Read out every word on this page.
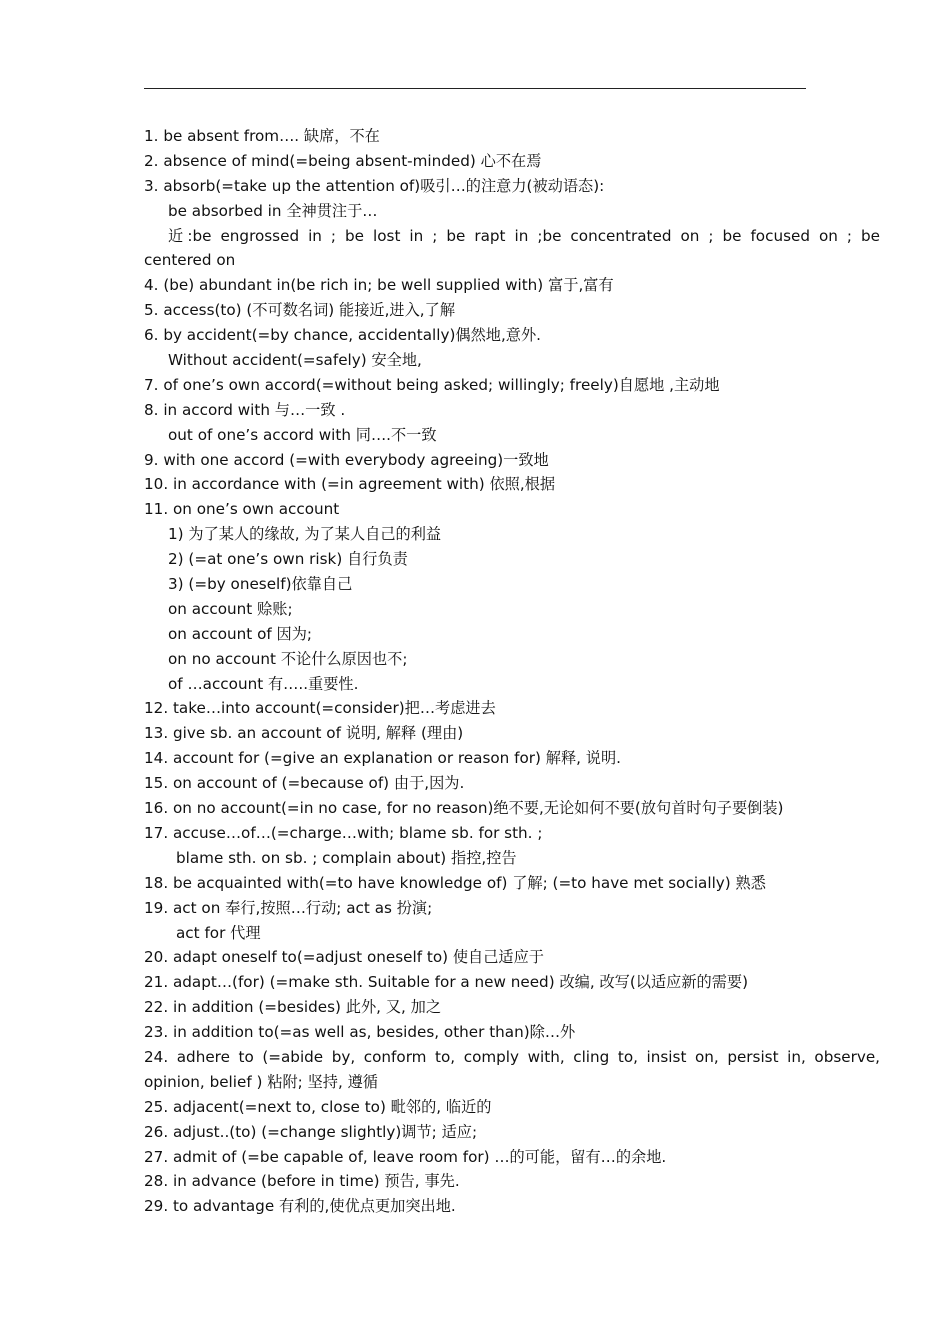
1. be absent from…. 缺席，不在
2. absence of mind(=being absent-minded) 心不在焉
3. absorb(=take up the attention of)吸引…的注意力(被动语态):
be absorbed in 全神贯注于…
近:be engrossed in ; be lost in ; be rapt in ;be concentrated on ; be focused on ; be
centered on
4. (be) abundant in(be rich in; be well supplied with) 富于,富有
5. access(to) (不可数名词) 能接近,进入,了解
6. by accident(=by chance, accidentally)偶然地,意外.
Without accident(=safely) 安全地,
7. of one’s own accord(=without being asked; willingly; freely)自愿地 ,主动地
8. in accord with 与…一致 .
out of one’s accord with 同….不一致
9. with one accord (=with everybody agreeing)一致地
10. in accordance with (=in agreement with) 依照,根据
11. on one’s own account
1) 为了某人的缘故, 为了某人自己的利益
2) (=at one’s own risk) 自行负责
3) (=by oneself)依靠自己
on account 赊账;
on account of 因为;
on no account 不论什么原因也不;
of …account 有…..重要性.
12. take…into account(=consider)把…考虑进去
13. give sb. an account of 说明, 解释 (理由)
14. account for (=give an explanation or reason for) 解释, 说明.
15. on account of (=because of) 由于,因为.
16. on no account(=in no case, for no reason)绝不要,无论如何不要(放句首时句子要倒装)
17. accuse…of…(=charge…with; blame sb. for sth. ;
blame sth. on sb. ; complain about) 指控,控告
18. be acquainted with(=to have knowledge of) 了解; (=to have met socially) 熟悉
19. act on 奉行,按照…行动; act as 扮演;
act for 代理
20. adapt oneself to(=adjust oneself to) 使自己适应于
21. adapt…(for) (=make sth. Suitable for a new need) 改编, 改写(以适应新的需要)
22. in addition (=besides) 此外, 又, 加之
23. in addition to(=as well as, besides, other than)除…外
24. adhere to (=abide by, conform to, comply with, cling to, insist on, persist in, observe,
opinion, belief ) 粘附; 坚持, 遵循
25. adjacent(=next to, close to) 毗邻的, 临近的
26. adjust..(to) (=change slightly)调节; 适应;
27. admit of (=be capable of, leave room for) …的可能，留有…的余地.
28. in advance (before in time) 预告, 事先.
29. to advantage 有利的,使优点更加突出地.
